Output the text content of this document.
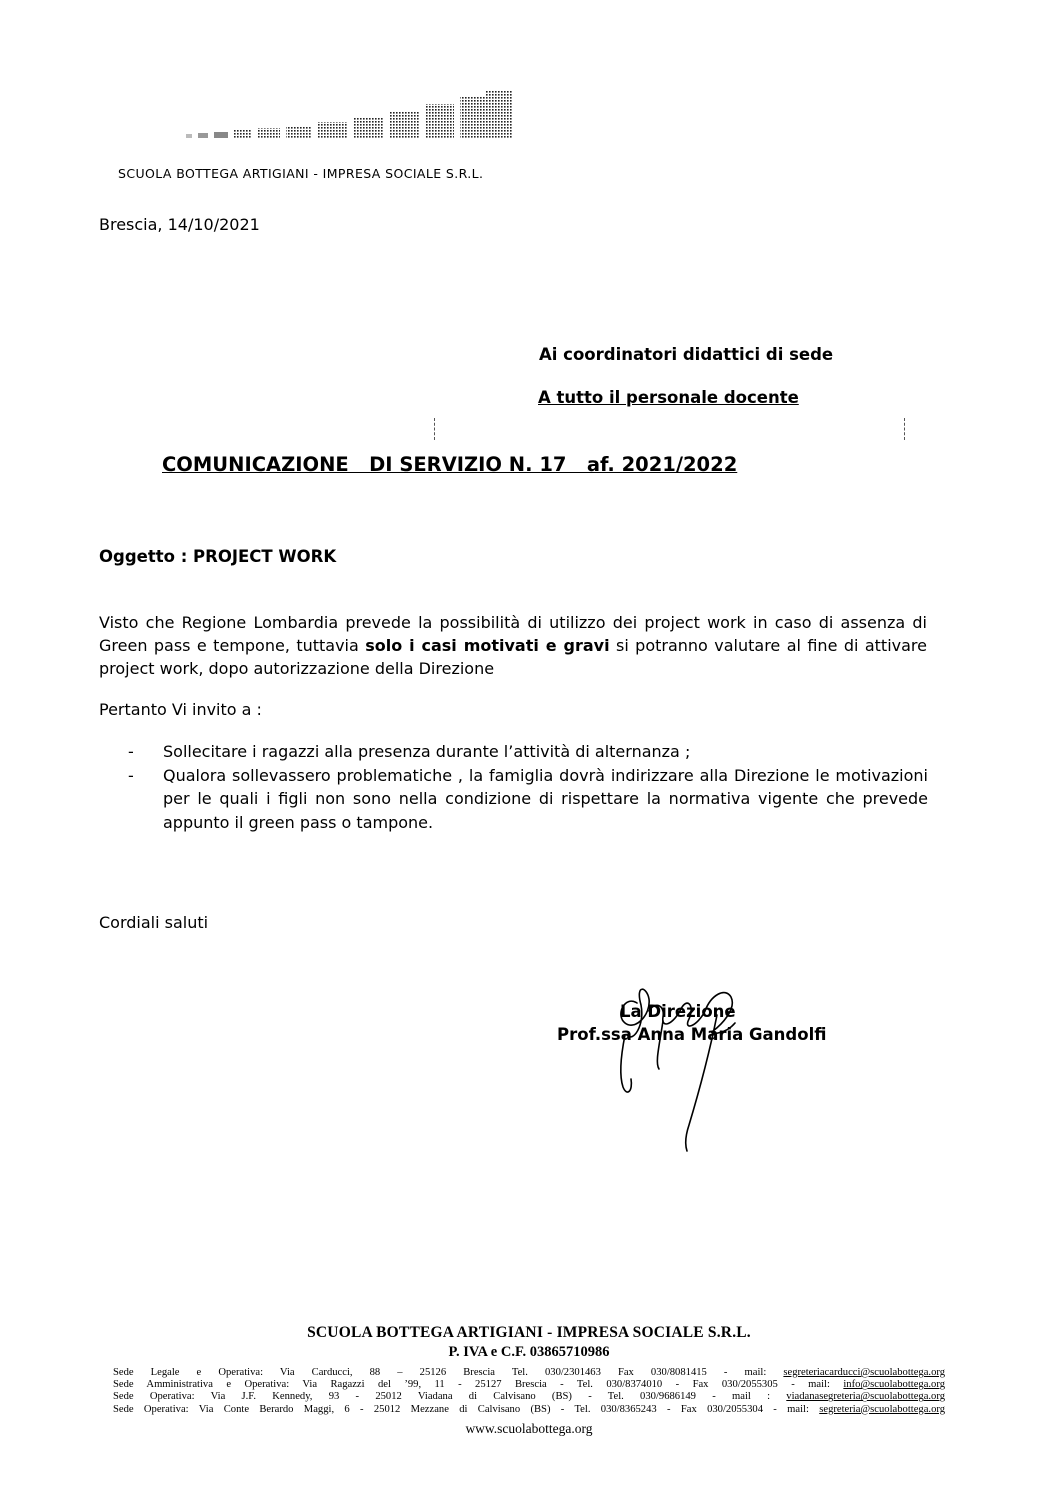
SCUOLA BOTTEGA ARTIGIANI - IMPRESA SOCIALE S.R.L.
Brescia, 14/10/2021
Ai coordinatori didattici di sede
A tutto il personale docente
COMUNICAZIONE   DI SERVIZIO N. 17   af. 2021/2022
Oggetto : PROJECT WORK
Visto che Regione Lombardia prevede la possibilità di utilizzo dei project work in caso di assenza di Green pass e tempone, tuttavia solo i casi motivati e gravi si potranno valutare al fine di attivare project work, dopo autorizzazione della Direzione
Pertanto Vi invito a :
- Sollecitare i ragazzi alla presenza durante l’attività di alternanza ;
- Qualora sollevassero problematiche , la famiglia dovrà indirizzare alla Direzione le motivazioni per le quali i figli non sono nella condizione di rispettare la normativa vigente che prevede appunto il green pass o tampone.
Cordiali saluti
La Direzione
Prof.ssa Anna Maria Gandolfi
SCUOLA BOTTEGA ARTIGIANI - IMPRESA SOCIALE S.R.L.
P. IVA e C.F. 03865710986
Sede Legale e Operativa: Via Carducci, 88 – 25126 Brescia Tel. 030/2301463 Fax 030/8081415 - mail: segreteriacarducci@scuolabottega.org
Sede Amministrativa e Operativa: Via Ragazzi del ’99, 11 - 25127 Brescia - Tel. 030/8374010 - Fax 030/2055305 - mail: info@scuolabottega.org
Sede Operativa: Via J.F. Kennedy, 93 - 25012 Viadana di Calvisano (BS) - Tel. 030/9686149 - mail : viadanasegreteria@scuolabottega.org
Sede Operativa: Via Conte Berardo Maggi, 6 - 25012 Mezzane di Calvisano (BS) - Tel. 030/8365243 - Fax 030/2055304 - mail: segreteria@scuolabottega.org
www.scuolabottega.org
